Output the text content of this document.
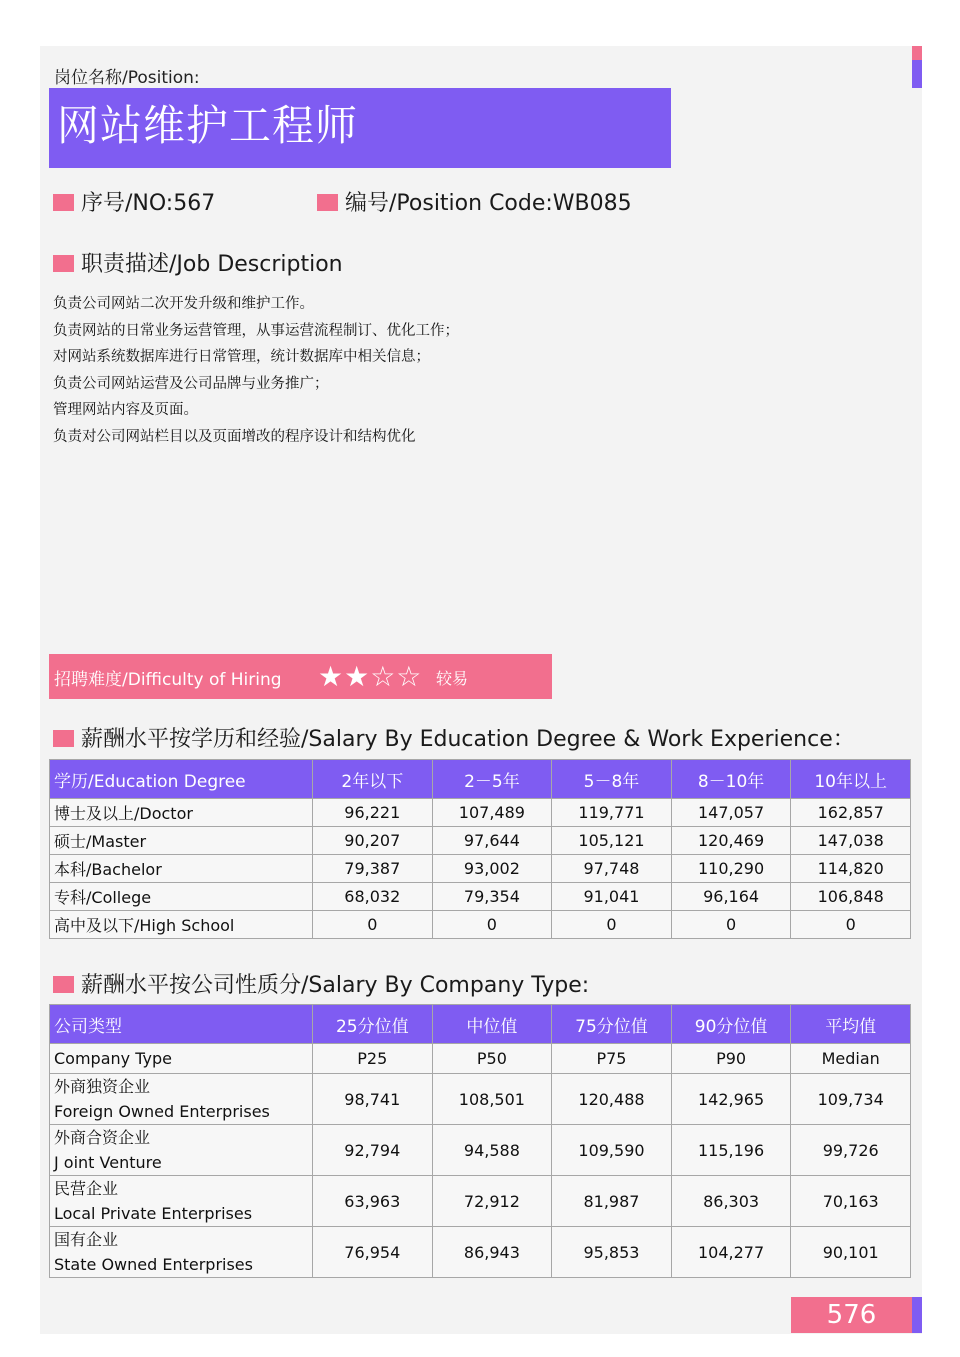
岗位名称/Position:
网站维护工程师
序号/NO:567	编号/Position Code:WB085
职责描述/Job Description
负责公司网站二次开发升级和维护工作。
负责网站的日常业务运营管理，从事运营流程制订、优化工作；
对网站系统数据库进行日常管理，统计数据库中相关信息；
负责公司网站运营及公司品牌与业务推广；
管理网站内容及页面。
负责对公司网站栏目以及页面增改的程序设计和结构优化
招聘难度/Difficulty of Hiring ★★☆☆ 较易
薪酬水平按学历和经验/Salary By Education Degree & Work Experience：
学历/Education Degree	2年以下	2－5年	5－8年	8－10年	10年以上
博士及以上/Doctor	96,221	107,489	119,771	147,057	162,857
硕士/Master	90,207	97,644	105,121	120,469	147,038
本科/Bachelor	79,387	93,002	97,748	110,290	114,820
专科/College	68,032	79,354	91,041	96,164	106,848
高中及以下/High School	0	0	0	0	0
薪酬水平按公司性质分/Salary By Company Type:
公司类型	25分位值	中位值	75分位值	90分位值	平均值
Company Type	P25	P50	P75	P90	Median

外商独资企业
Foreign Owned Enterprises	98,741	108,501	120,488	142,965	109,734

外商合资企业
J oint Venture	92,794	94,588	109,590	115,196	99,726

民营企业
Local Private Enterprises	63,963	72,912	81,987	86,303	70,163

国有企业
State Owned Enterprises	76,954	86,943	95,853	104,277	90,101
576
